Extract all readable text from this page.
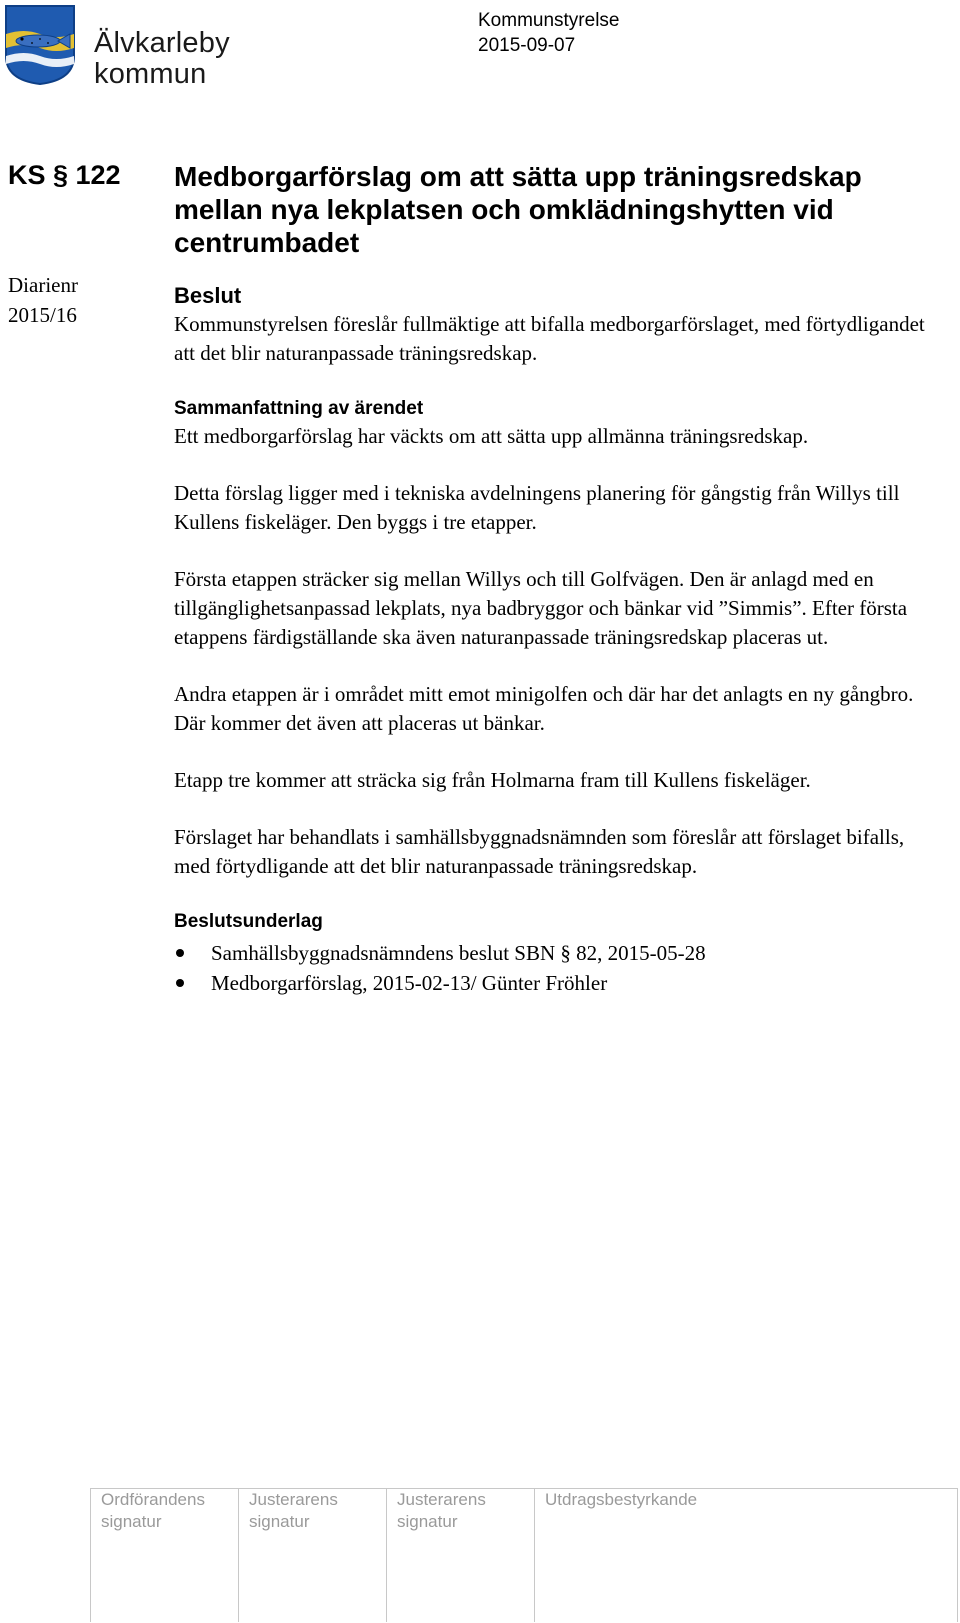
Älvkarleby
kommun
Kommunstyrelse
2015-09-07
KS § 122
Diarienr
2015/16
Medborgarförslag om att sätta upp träningsredskap mellan nya lekplatsen och omklädningshytten vid centrumbadet
Beslut

Kommunstyrelsen föreslår fullmäktige att bifalla medborgarförslaget, med förtydligandet att det blir naturanpassade träningsredskap.

Sammanfattning av ärendet

Ett medborgarförslag har väckts om att sätta upp allmänna träningsredskap.

Detta förslag ligger med i tekniska avdelningens planering för gångstig från Willys till Kullens fiskeläger. Den byggs i tre etapper.

Första etappen sträcker sig mellan Willys och till Golfvägen. Den är anlagd med en tillgänglighetsanpassad lekplats, nya badbryggor och bänkar vid ”Simmis”. Efter första etappens färdigställande ska även naturanpassade träningsredskap placeras ut.

Andra etappen är i området mitt emot minigolfen och där har det anlagts en ny gångbro. Där kommer det även att placeras ut bänkar.

Etapp tre kommer att sträcka sig från Holmarna fram till Kullens fiskeläger.

Förslaget har behandlats i samhällsbyggnadsnämnden som föreslår att förslaget bifalls, med förtydligande att det blir naturanpassade träningsredskap.

Beslutsunderlag
Samhällsbyggnadsnämndens beslut SBN § 82, 2015-05-28
Medborgarförslag, 2015-02-13/ Günter Fröhler
Ordförandens
signatur
Justerarens
signatur
Justerarens
signatur
Utdragsbestyrkande
